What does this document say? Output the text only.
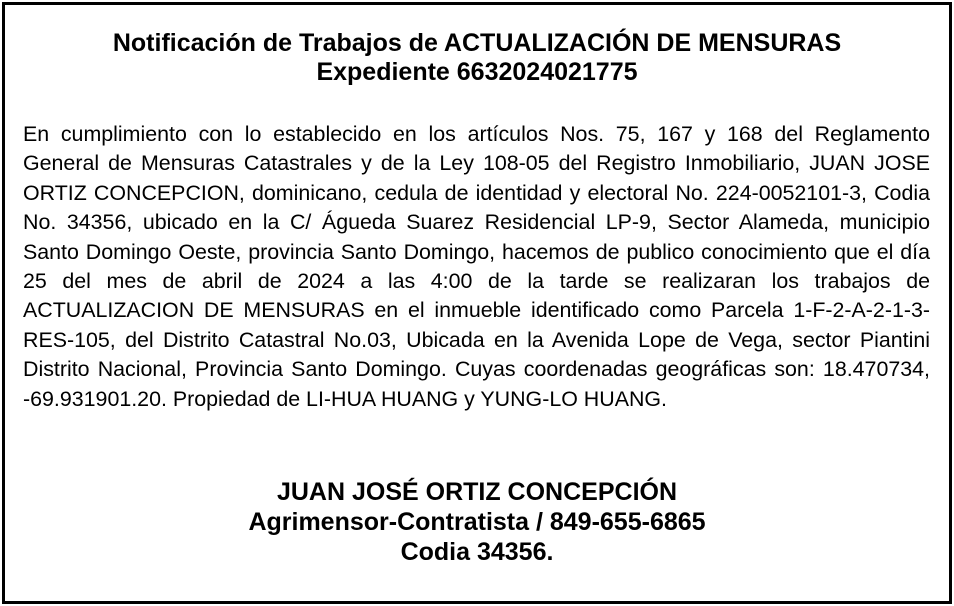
Notificación de Trabajos de ACTUALIZACIÓN DE MENSURAS
Expediente 6632024021775
En cumplimiento con lo establecido en los artículos Nos. 75, 167 y 168 del Reglamento General de Mensuras Catastrales y de la Ley 108-05 del Registro Inmobiliario, JUAN JOSE ORTIZ CONCEPCION, dominicano, cedula de identidad y electoral No. 224-0052101-3, Codia No. 34356, ubicado en la C/ Águeda Suarez Residencial LP-9, Sector Alameda, municipio Santo Domingo Oeste, provincia Santo Domingo, hacemos de publico conocimiento que el día 25 del mes de abril de 2024 a las 4:00 de la tarde se realizaran los trabajos de ACTUALIZACION DE MENSURAS en el inmueble identificado como Parcela 1-F-2-A-2-1-3-RES-105, del Distrito Catastral No.03, Ubicada en la Avenida Lope de Vega, sector Piantini Distrito Nacional, Provincia Santo Domingo. Cuyas coordenadas geográficas son: 18.470734, -69.931901.20. Propiedad de LI-HUA HUANG y YUNG-LO HUANG.
JUAN JOSÉ ORTIZ CONCEPCIÓN
Agrimensor-Contratista / 849-655-6865
Codia 34356.
